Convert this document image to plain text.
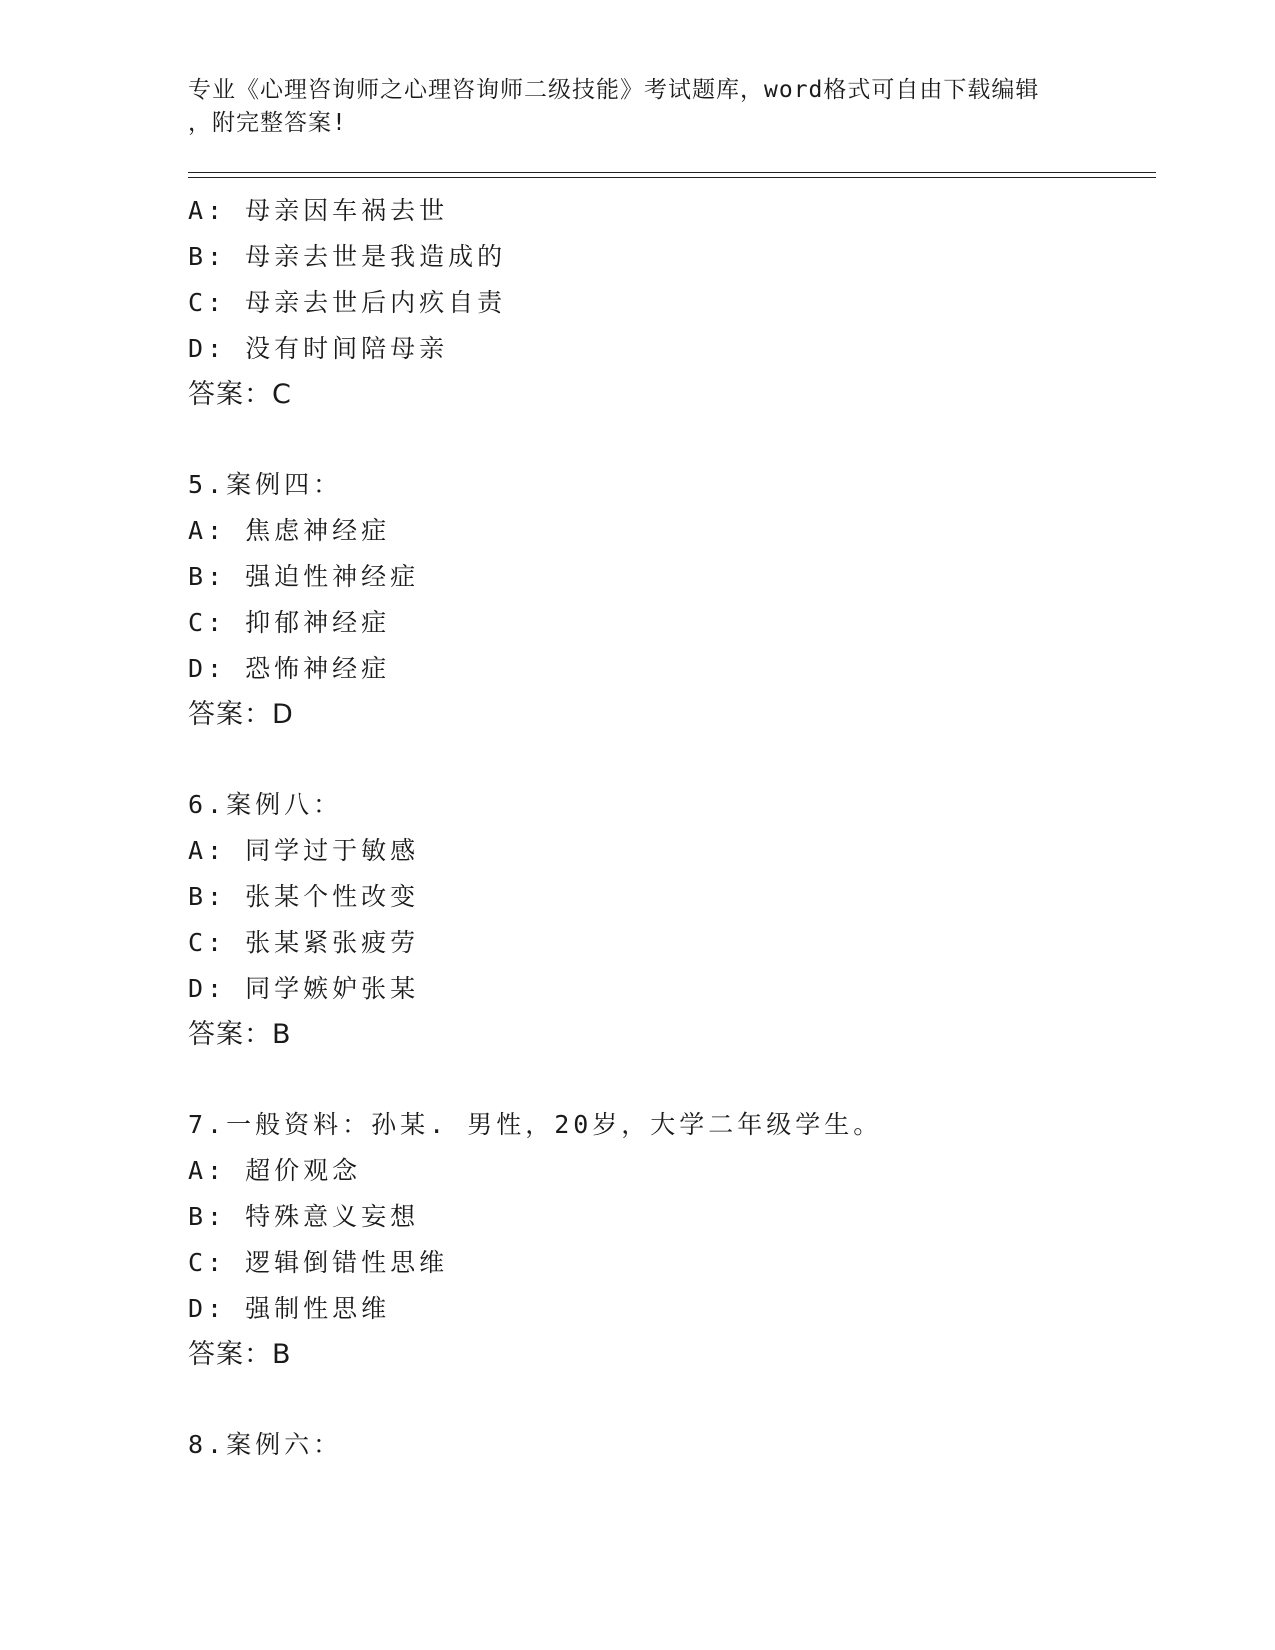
专业《心理咨询师之心理咨询师二级技能》考试题库，word格式可自由下载编辑
，附完整答案!
A: 母亲因车祸去世
B: 母亲去世是我造成的
C: 母亲去世后内疚自责
D: 没有时间陪母亲
答案：C
5.案例四：
A: 焦虑神经症
B: 强迫性神经症
C: 抑郁神经症
D: 恐怖神经症
答案：D
6.案例八：
A: 同学过于敏感
B: 张某个性改变
C: 张某紧张疲劳
D: 同学嫉妒张某
答案：B
7.一般资料：孙某. 男性，20岁，大学二年级学生。
A: 超价观念
B: 特殊意义妄想
C: 逻辑倒错性思维
D: 强制性思维
答案：B
8.案例六：
